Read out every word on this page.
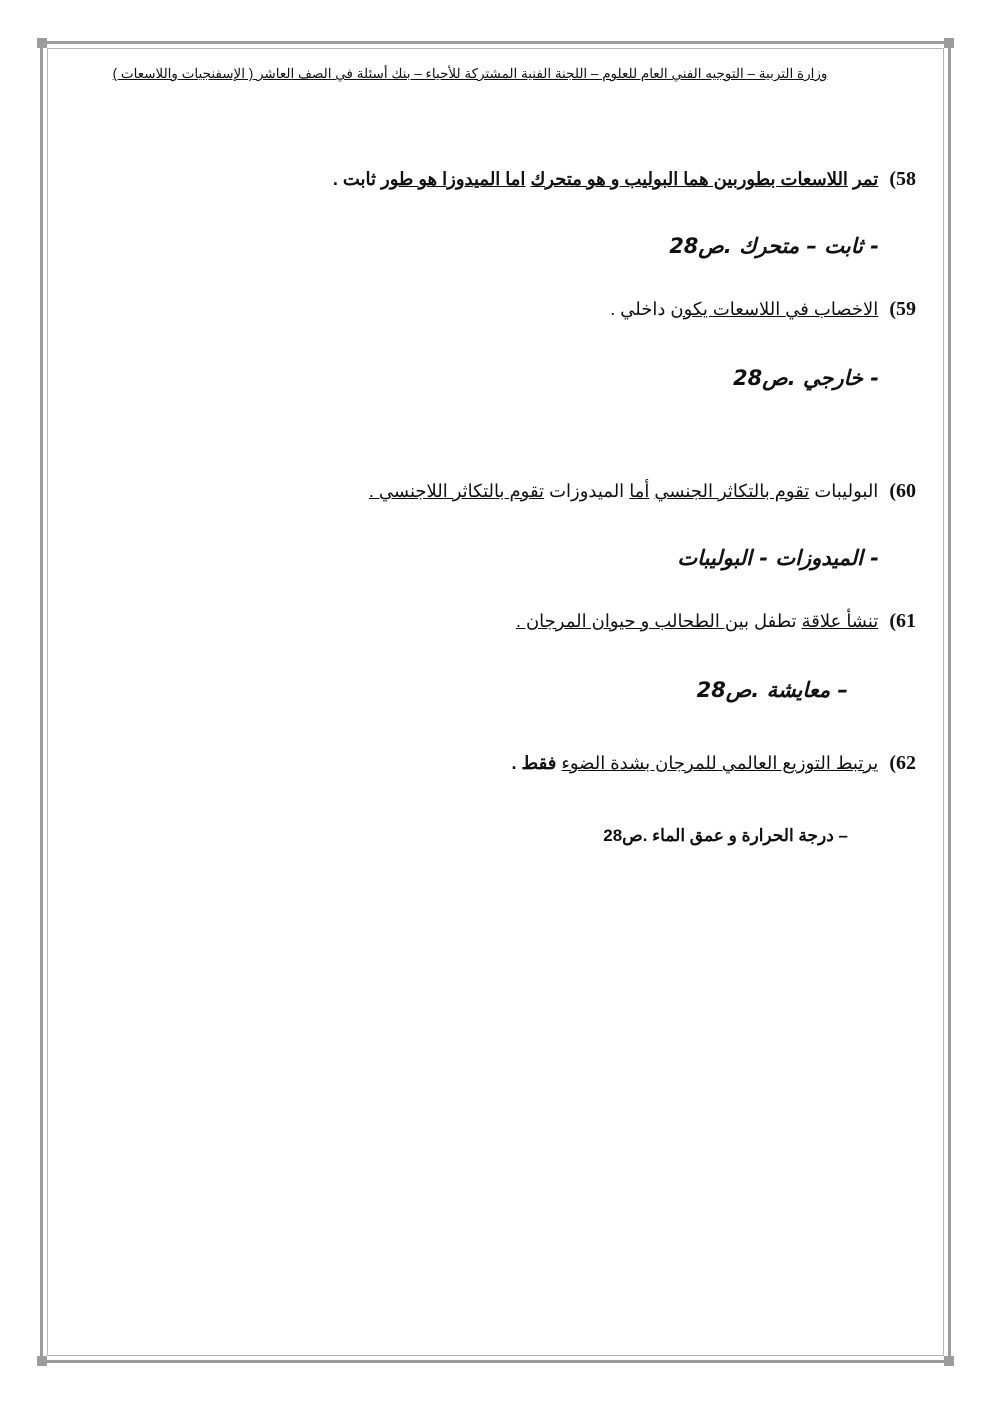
وزارة التربية – التوجيه الفني العام للعلوم – اللجنة الفنية المشتركة للأحياء – بنك أسئلة في الصف العاشر ( الإسفنجيات واللاسعات )
58) تمر اللاسعات بطوربين هما البوليب و هو متحرك اما الميدوزا هو طور ثابت .
- ثابت – متحرك .ص28
59) الاخصاب في اللاسعات يكون داخلي .
- خارجي .ص28
60) البوليبات تقوم بالتكاثر الجنسي أما الميدوزات تقوم بالتكاثر اللاجنسي .
- الميدوزات - البوليبات
61) تنشأ علاقة تطفل بين الطحالب و حيوان المرجان .
– معايشة .ص28
62) يرتبط التوزيع العالمي للمرجان بشدة الضوء فقط .
– درجة الحرارة و عمق الماء .ص28
